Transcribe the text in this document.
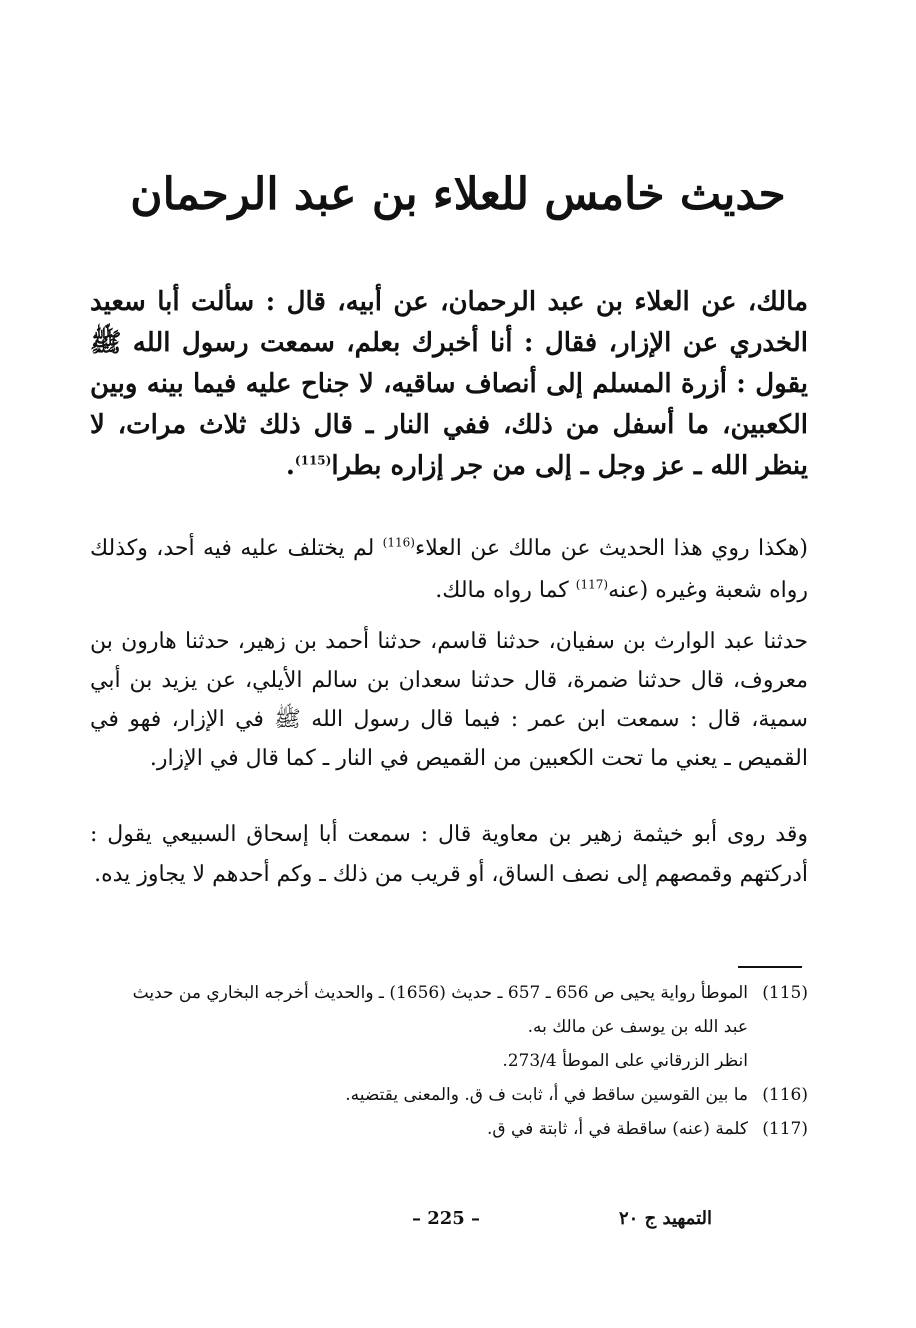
حديث خامس للعلاء بن عبد الرحمان

مالك، عن العلاء بن عبد الرحمان، عن أبيه، قال : سألت أبا سعيد الخدري عن الإزار، فقال : أنا أخبرك بعلم، سمعت رسول الله ﷺ يقول : أزرة المسلم إلى أنصاف ساقيه، لا جناح عليه فيما بينه وبين الكعبين، ما أسفل من ذلك، ففي النار ـ قال ذلك ثلاث مرات، لا ينظر الله ـ عز وجل ـ إلى من جر إزاره بطرا$^{(115)}$.

(هكذا روي هذا الحديث عن مالك عن العلاء$^{(116)}$ لم يختلف عليه فيه أحد، وكذلك رواه شعبة وغيره (عنه$^{(117)}$ كما رواه مالك.

حدثنا عبد الوارث بن سفيان، حدثنا قاسم، حدثنا أحمد بن زهير، حدثنا هارون بن معروف، قال حدثنا ضمرة، قال حدثنا سعدان بن سالم الأيلي، عن يزيد بن أبي سمية، قال : سمعت ابن عمر : فيما قال رسول الله ﷺ في الإزار، فهو في القميص ـ يعني ما تحت الكعبين من القميص في النار ـ كما قال في الإزار.

وقد روى أبو خيثمة زهير بن معاوية قال : سمعت أبا إسحاق السبيعي يقول : أدركتهم وقمصهم إلى نصف الساق، أو قريب من ذلك ـ وكم أحدهم لا يجاوز يده.

(115)
الموطأ رواية يحيى ص 656 ـ 657 ـ حديث (1656) ـ والحديث أخرجه البخاري من حديث
عبد الله بن يوسف عن مالك به.
انظر الزرقاني على الموطأ 273/4.
(116)
ما بين القوسين ساقط في أ، ثابت ف ق. والمعنى يقتضيه.
(117)
كلمة (عنه) ساقطة في أ، ثابتة في ق.
– 225 –	التمهيد ج ٢٠
